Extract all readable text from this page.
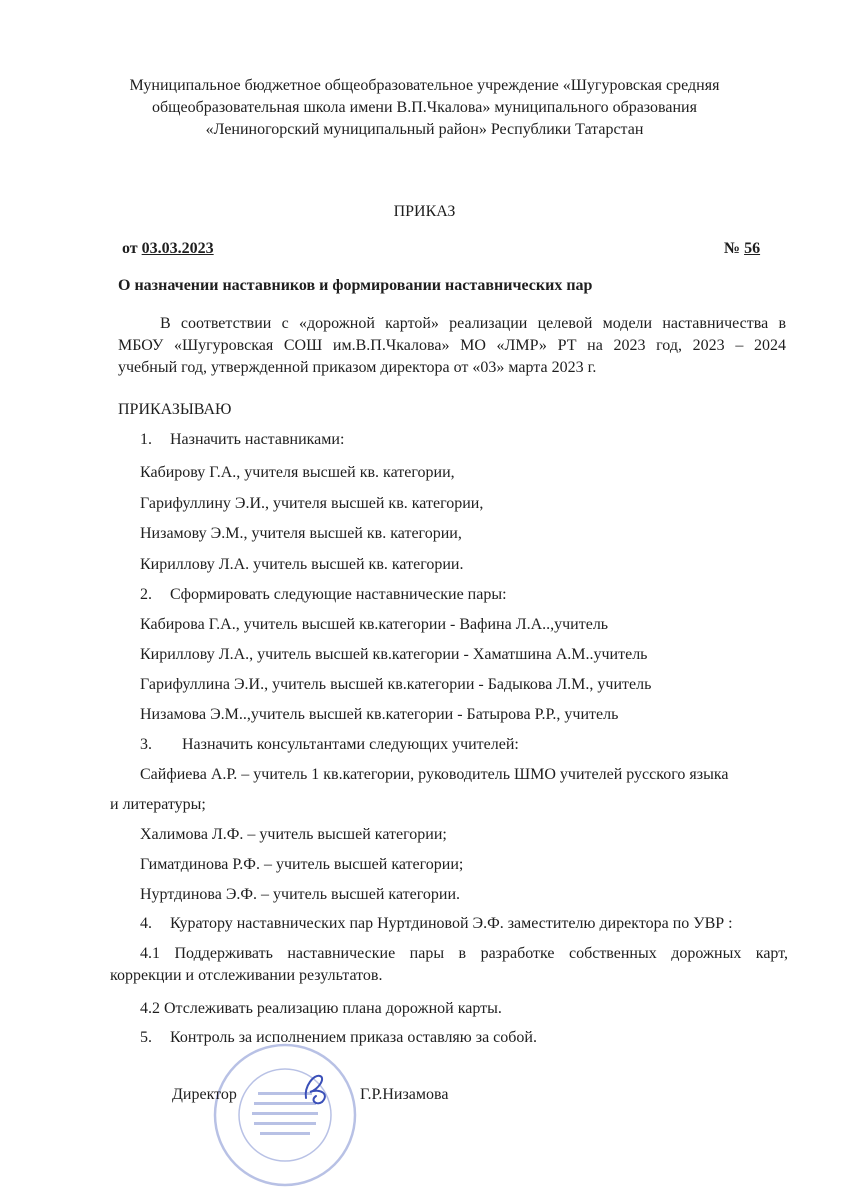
Муниципальное бюджетное общеобразовательное учреждение «Шугуровская средняя
общеобразовательная школа имени В.П.Чкалова» муниципального образования
«Лениногорский муниципальный район» Республики Татарстан
ПРИКАЗ
от 03.03.2023	№ 56
О назначении наставников и формировании наставнических пар
В соответствии с «дорожной картой» реализации целевой модели наставничества в
МБОУ «Шугуровская СОШ им.В.П.Чкалова» МО «ЛМР» РТ на 2023 год, 2023 – 2024
учебный год, утвержденной приказом директора от «03» марта 2023 г.
ПРИКАЗЫВАЮ
1. Назначить наставниками:
Кабирову Г.А., учителя высшей кв. категории,
Гарифуллину Э.И., учителя высшей кв. категории,
Низамову Э.М., учителя высшей кв. категории,
Кириллову Л.А. учитель высшей кв. категории.
2. Сформировать следующие наставнические пары:
Кабирова Г.А., учитель высшей кв.категории - Вафина Л.А..,учитель
Кириллову Л.А., учитель высшей кв.категории - Хаматшина А.М..учитель
Гарифуллина Э.И., учитель высшей кв.категории - Бадыкова Л.М., учитель
Низамова Э.М..,учитель высшей кв.категории - Батырова Р.Р., учитель
3. Назначить консультантами следующих учителей:
Сайфиева А.Р. – учитель 1 кв.категории, руководитель ШМО учителей русского языка
и литературы;
Халимова Л.Ф. – учитель высшей категории;
Гиматдинова Р.Ф. – учитель высшей категории;
Нуртдинова Э.Ф. – учитель высшей категории.
4. Куратору наставнических пар Нуртдиновой Э.Ф. заместителю директора по УВР :
4.1 Поддерживать наставнические пары в разработке собственных дорожных карт,
коррекции и отслеживании результатов.
4.2 Отслеживать реализацию плана дорожной карты.
5. Контроль за исполнением приказа оставляю за собой.
Директор	Г.Р.Низамова
